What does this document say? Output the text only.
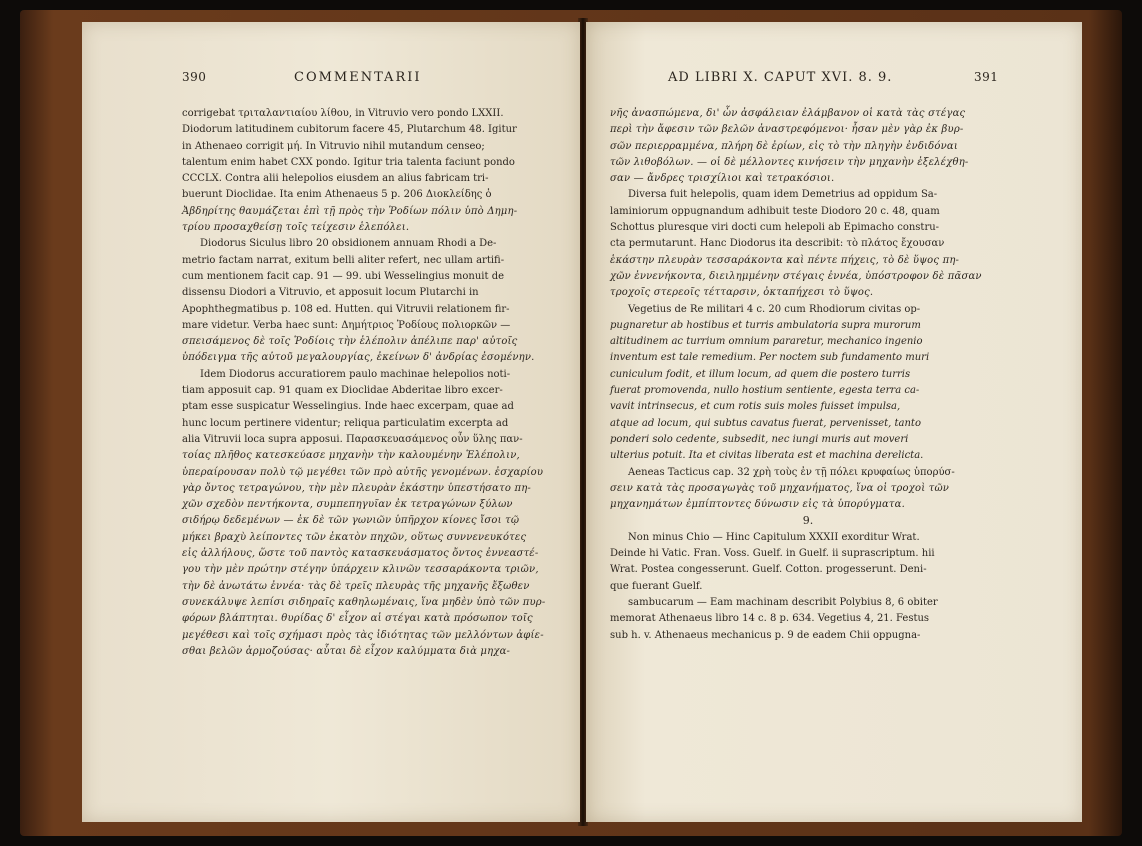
390	COMMENTARII

corrigebat τριταλαντιαίου λίθου, in Vitruvio vero pondo LXXII.

Diodorum latitudinem cubitorum facere 45, Plutarchum 48. Igitur

in Athenaeo corrigit μή. In Vitruvio nihil mutandum censeo;

talentum enim habet CXX pondo. Igitur tria talenta faciunt pondo

CCCLX. Contra alii helepolios eiusdem an alius fabricam tri-

buerunt Dioclidae. Ita enim Athenaeus 5 p. 206 Διοκλείδης ὁ

Ἀβδηρίτης θαυμάζεται ἐπὶ τῇ πρὸς τὴν Ῥοδίων πόλιν ὑπὸ Δημη-

τρίου προσαχθείσῃ τοῖς τείχεσιν ἑλεπόλει.

Diodorus Siculus libro 20 obsidionem annuam Rhodi a De-

metrio factam narrat, exitum belli aliter refert, nec ullam artifi-

cum mentionem facit cap. 91 — 99. ubi Wesselingius monuit de

dissensu Diodori a Vitruvio, et apposuit locum Plutarchi in

Apophthegmatibus p. 108 ed. Hutten. qui Vitruvii relationem fir-

mare videtur. Verba haec sunt: Δημήτριος Ῥοδίους πολιορκῶν —

σπεισάμενος δὲ τοῖς Ῥοδίοις τὴν ἑλέπολιν ἀπέλιπε παρ' αὐτοῖς

ὑπόδειγμα τῆς αὐτοῦ μεγαλουργίας, ἐκείνων δ' ἀνδρίας ἐσομένην.

Idem Diodorus accuratiorem paulo machinae helepolios noti-

tiam apposuit cap. 91 quam ex Dioclidae Abderitae libro excer-

ptam esse suspicatur Wesselingius. Inde haec excerpam, quae ad

hunc locum pertinere videntur; reliqua particulatim excerpta ad

alia Vitruvii loca supra apposui. Παρασκευασάμενος οὖν ὕλης παν-

τοίας πλῆθος κατεσκεύασε μηχανὴν τὴν καλουμένην Ἑλέπολιν,

ὑπεραίρουσαν πολὺ τῷ μεγέθει τῶν πρὸ αὐτῆς γενομένων. ἐσχαρίου

γὰρ ὄντος τετραγώνου, τὴν μὲν πλευρὰν ἑκάστην ὑπεστήσατο πη-

χῶν σχεδὸν πεντήκοντα, συμπεπηγυῖαν ἐκ τετραγώνων ξύλων

σιδήρῳ δεδεμένων — ἐκ δὲ τῶν γωνιῶν ὑπῆρχον κίονες ἴσοι τῷ

μήκει βραχὺ λείποντες τῶν ἑκατὸν πηχῶν, οὕτως συννενευκότες

εἰς ἀλλήλους, ὥστε τοῦ παντὸς κατασκευάσματος ὄντος ἐννεαστέ-

γου τὴν μὲν πρώτην στέγην ὑπάρχειν κλινῶν τεσσαράκοντα τριῶν,

τὴν δὲ ἀνωτάτω ἐννέα· τὰς δὲ τρεῖς πλευρὰς τῆς μηχανῆς ἔξωθεν

συνεκάλυψε λεπίσι σιδηραῖς καθηλωμέναις, ἵνα μηδὲν ὑπὸ τῶν πυρ-

φόρων βλάπτηται. θυρίδας δ' εἶχον αἱ στέγαι κατὰ πρόσωπον τοῖς

μεγέθεσι καὶ τοῖς σχήμασι πρὸς τὰς ἰδιότητας τῶν μελλόντων ἀφίε-

σθαι βελῶν ἁρμοζούσας· αὗται δὲ εἶχον καλύμματα διὰ μηχα-

AD LIBRI X. CAPUT XVI. 8. 9.	391

νῆς ἀνασπώμενα, δι' ὧν ἀσφάλειαν ἐλάμβανον οἱ κατὰ τὰς στέγας

περὶ τὴν ἄφεσιν τῶν βελῶν ἀναστρεφόμενοι· ἦσαν μὲν γὰρ ἐκ βυρ-

σῶν περιερραμμένα, πλήρη δὲ ἐρίων, εἰς τὸ τὴν πληγὴν ἐνδιδόναι

τῶν λιθοβόλων. — οἱ δὲ μέλλοντες κινήσειν τὴν μηχανὴν ἐξελέχθη-

σαν — ἄνδρες τρισχίλιοι καὶ τετρακόσιοι.

Diversa fuit helepolis, quam idem Demetrius ad oppidum Sa-

laminiorum oppugnandum adhibuit teste Diodoro 20 c. 48, quam

Schottus pluresque viri docti cum helepoli ab Epimacho constru-

cta permutarunt. Hanc Diodorus ita describit: τὸ πλάτος ἔχουσαν

ἑκάστην πλευρὰν τεσσαράκοντα καὶ πέντε πήχεις, τὸ δὲ ὕψος πη-

χῶν ἐννενήκοντα, διειλημμένην στέγαις ἐννέα, ὑπόστροφον δὲ πᾶσαν

τροχοῖς στερεοῖς τέτταρσιν, ὀκταπήχεσι τὸ ὕψος.

Vegetius de Re militari 4 c. 20 cum Rhodiorum civitas op-

pugnaretur ab hostibus et turris ambulatoria supra murorum

altitudinem ac turrium omnium pararetur, mechanico ingenio

inventum est tale remedium. Per noctem sub fundamento muri

cuniculum fodit, et illum locum, ad quem die postero turris

fuerat promovenda, nullo hostium sentiente, egesta terra ca-

vavit intrinsecus, et cum rotis suis moles fuisset impulsa,

atque ad locum, qui subtus cavatus fuerat, pervenisset, tanto

ponderi solo cedente, subsedit, nec iungi muris aut moveri

ulterius potuit. Ita et civitas liberata est et machina derelicta.

Aeneas Tacticus cap. 32 χρὴ τοὺς ἐν τῇ πόλει κρυφαίως ὑπορύσ-

σειν κατὰ τὰς προσαγωγὰς τοῦ μηχανήματος, ἵνα οἱ τροχοὶ τῶν

μηχανημάτων ἐμπίπτοντες δύνωσιν εἰς τὰ ὑπορύγματα.

9.

Non minus Chio — Hinc Capitulum XXXII exorditur Wrat.

Deinde hi Vatic. Fran. Voss. Guelf. in Guelf. ii suprascriptum. hii

Wrat. Postea congesserunt. Guelf. Cotton. progesserunt. Deni-

que fuerant Guelf.

sambucarum — Eam machinam describit Polybius 8, 6 obiter

memorat Athenaeus libro 14 c. 8 p. 634. Vegetius 4, 21. Festus

sub h. v. Athenaeus mechanicus p. 9 de eadem Chii oppugna-
